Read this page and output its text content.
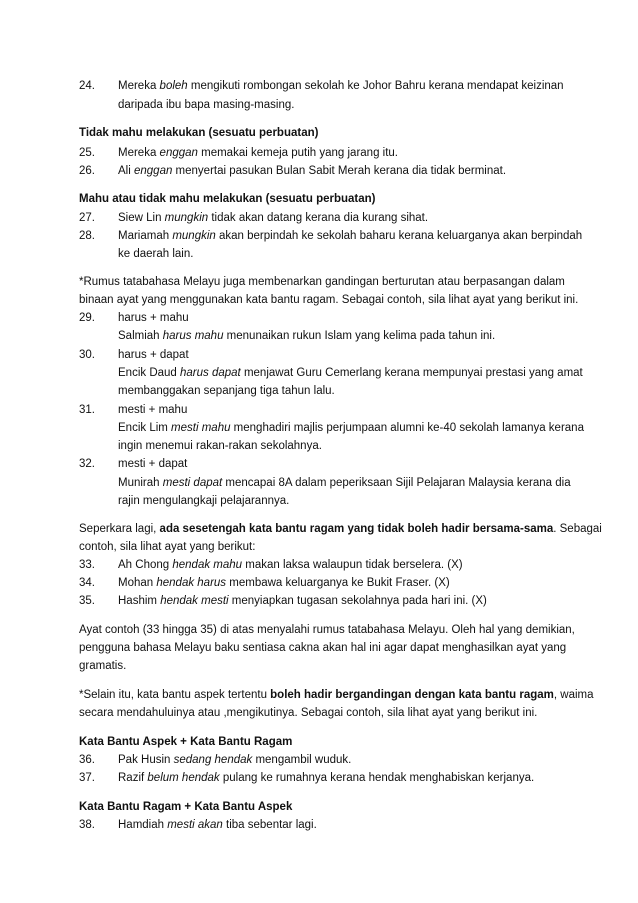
24. Mereka boleh mengikuti rombongan sekolah ke Johor Bahru kerana mendapat keizinan
daripada ibu bapa masing-masing.
Tidak mahu melakukan (sesuatu perbuatan)
25. Mereka enggan memakai kemeja putih yang jarang itu.
26. Ali enggan menyertai pasukan Bulan Sabit Merah kerana dia tidak berminat.
Mahu atau tidak mahu melakukan (sesuatu perbuatan)
27. Siew Lin mungkin tidak akan datang kerana dia kurang sihat.
28. Mariamah mungkin akan berpindah ke sekolah baharu kerana keluarganya akan berpindah
ke daerah lain.
*Rumus tatabahasa Melayu juga membenarkan gandingan berturutan atau berpasangan dalam
binaan ayat yang menggunakan kata bantu ragam. Sebagai contoh, sila lihat ayat yang berikut ini.
29. harus + mahu
Salmiah harus mahu menunaikan rukun Islam yang kelima pada tahun ini.
30. harus + dapat
Encik Daud harus dapat menjawat Guru Cemerlang kerana mempunyai prestasi yang amat
membanggakan sepanjang tiga tahun lalu.
31. mesti + mahu
Encik Lim mesti mahu menghadiri majlis perjumpaan alumni ke-40 sekolah lamanya kerana
ingin menemui rakan-rakan sekolahnya.
32. mesti + dapat
Munirah mesti dapat mencapai 8A dalam peperiksaan Sijil Pelajaran Malaysia kerana dia
rajin mengulangkaji pelajarannya.
Seperkara lagi, ada sesetengah kata bantu ragam yang tidak boleh hadir bersama-sama. Sebagai
contoh, sila lihat ayat yang berikut:
33. Ah Chong hendak mahu makan laksa walaupun tidak berselera. (X)
34. Mohan hendak harus membawa keluarganya ke Bukit Fraser. (X)
35. Hashim hendak mesti menyiapkan tugasan sekolahnya pada hari ini. (X)
Ayat contoh (33 hingga 35) di atas menyalahi rumus tatabahasa Melayu. Oleh hal yang demikian,
pengguna bahasa Melayu baku sentiasa cakna akan hal ini agar dapat menghasilkan ayat yang
gramatis.
*Selain itu, kata bantu aspek tertentu boleh hadir bergandingan dengan kata bantu ragam, waima
secara mendahuluinya atau ,mengikutinya. Sebagai contoh, sila lihat ayat yang berikut ini.
Kata Bantu Aspek + Kata Bantu Ragam
36. Pak Husin sedang hendak mengambil wuduk.
37. Razif belum hendak pulang ke rumahnya kerana hendak menghabiskan kerjanya.
Kata Bantu Ragam + Kata Bantu Aspek
38. Hamdiah mesti akan tiba sebentar lagi.
